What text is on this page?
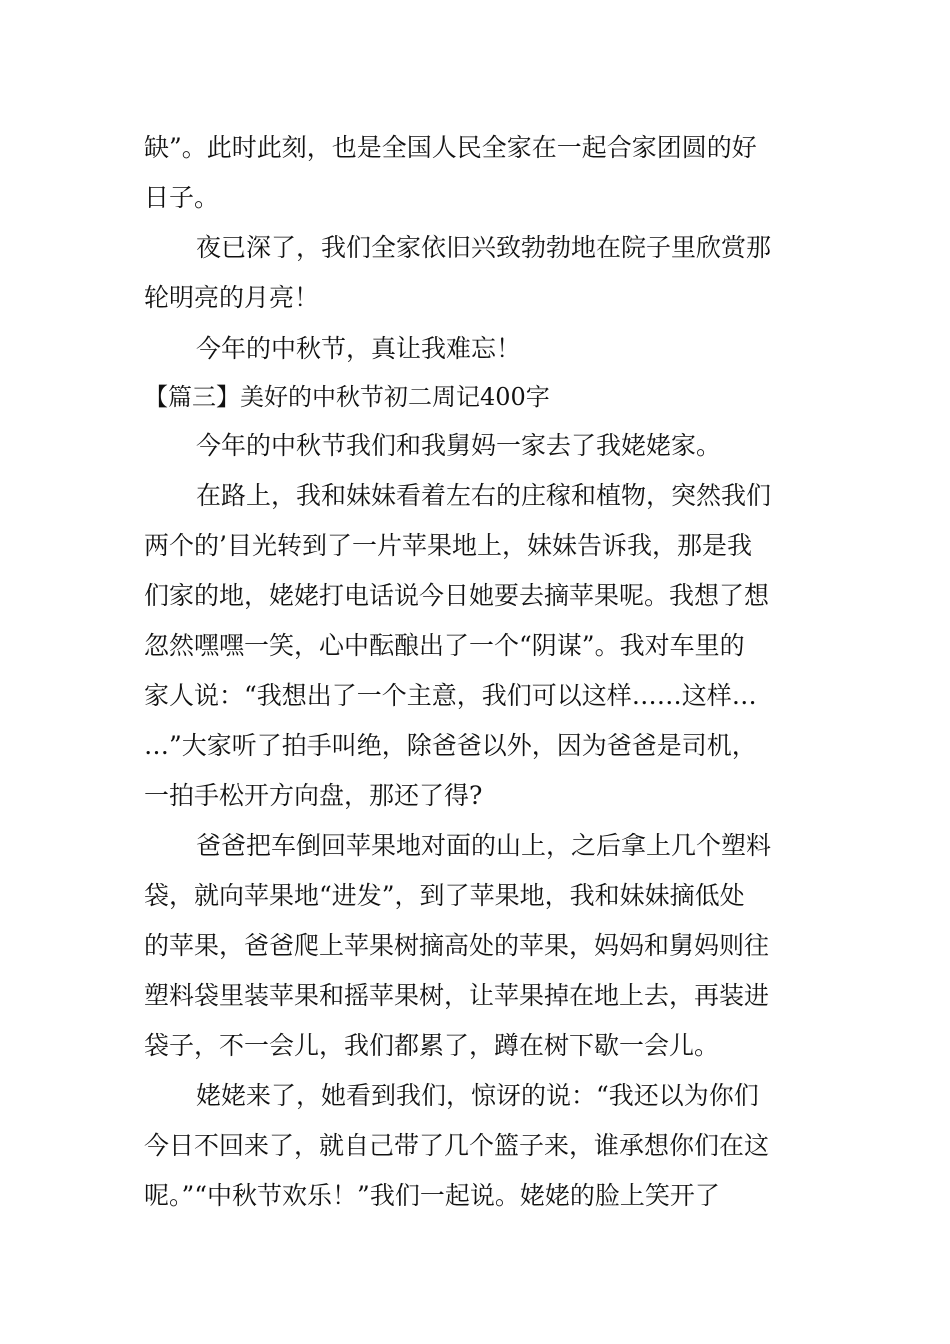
缺”。此时此刻，也是全国人民全家在一起合家团圆的好
日子。
夜已深了，我们全家依旧兴致勃勃地在院子里欣赏那
轮明亮的月亮！
今年的中秋节，真让我难忘！
【篇三】美好的中秋节初二周记400字
今年的中秋节我们和我舅妈一家去了我姥姥家。
在路上，我和妹妹看着左右的庄稼和植物，突然我们
两个的’目光转到了一片苹果地上，妹妹告诉我，那是我
们家的地，姥姥打电话说今日她要去摘苹果呢。我想了想
忽然嘿嘿一笑，心中酝酿出了一个“阴谋”。我对车里的
家人说：“我想出了一个主意，我们可以这样……这样…
…”大家听了拍手叫绝，除爸爸以外，因为爸爸是司机，
一拍手松开方向盘，那还了得?
爸爸把车倒回苹果地对面的山上，之后拿上几个塑料
袋，就向苹果地“进发”，到了苹果地，我和妹妹摘低处
的苹果，爸爸爬上苹果树摘高处的苹果，妈妈和舅妈则往
塑料袋里装苹果和摇苹果树，让苹果掉在地上去，再装进
袋子，不一会儿，我们都累了，蹲在树下歇一会儿。
姥姥来了，她看到我们，惊讶的说：“我还以为你们
今日不回来了，就自己带了几个篮子来，谁承想你们在这
呢。”“中秋节欢乐！”我们一起说。姥姥的脸上笑开了
